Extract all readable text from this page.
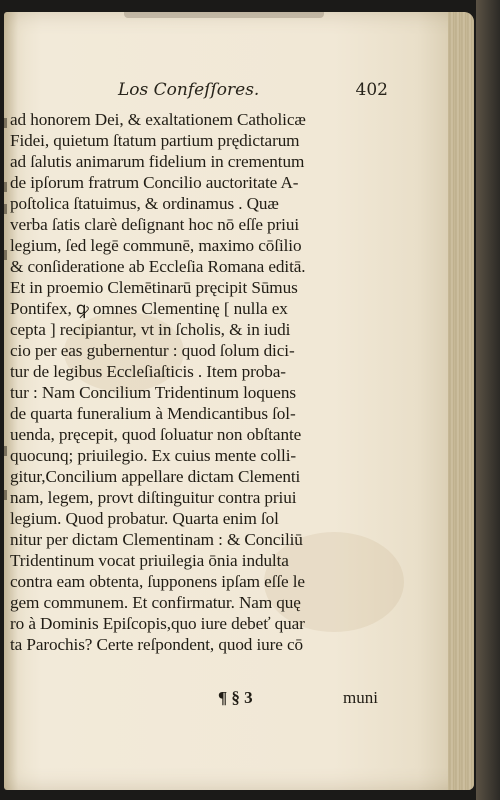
Los Confeſſores.	402
ad honorem Dei, & exaltationem Catholicæ
Fidei, quietum ſtatum partium prędictarum
ad ſalutis animarum fidelium in crementum
de ipſorum fratrum Concilio auctoritate A-
poſtolica ſtatuimus, & ordinamus . Quæ
verba ſatis clarè deſignant hoc nō eſſe priui
legium, ſed legē communē, maximo cōſilio
& conſideratione ab Eccleſia Romana editā.
Et in proemio Clemētinarū pręcipit Sūmus
Pontifex, ꝙ omnes Clementinę [ nulla ex
cepta ] recipiantur, vt in ſcholis, & in iudi
cio per eas gubernentur : quod ſolum dici-
tur de legibus Eccleſiaſticis . Item proba-
tur : Nam Concilium Tridentinum loquens
de quarta funeralium à Mendicantibus ſol-
uenda, pręcepit, quod ſoluatur non obſtante
quocunq; priuilegio. Ex cuius mente colli-
gitur,Concilium appellare dictam Clementi
nam, legem, provt diſtinguitur contra priui
legium. Quod probatur. Quarta enim ſol
nitur per dictam Clementinam : & Conciliū
Tridentinum vocat priuilegia ōnia indulta
contra eam obtenta, ſupponens ipſam eſſe le
gem communem. Et confirmatur. Nam quę
ro à Dominis Epiſcopis,quo iure debeť quar
ta Parochis? Certe reſpondent, quod iure cō
¶ § 3	muni
